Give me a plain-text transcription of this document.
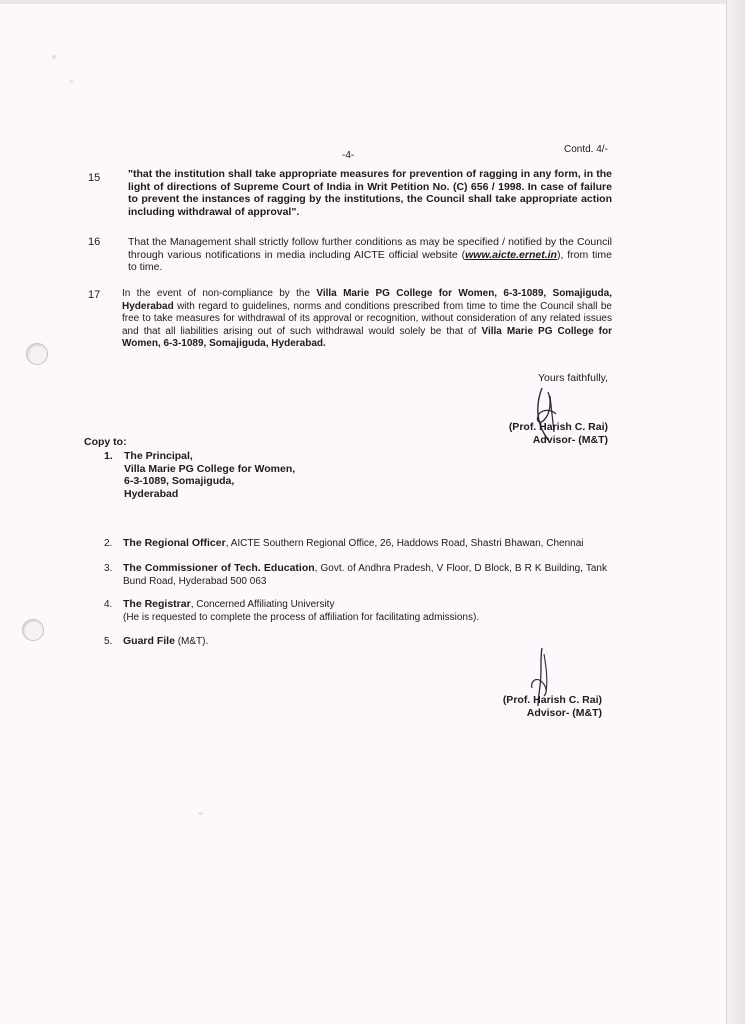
-4-
Contd. 4/-
15	"that the institution shall take appropriate measures for prevention of ragging in any form, in the light of directions of Supreme Court of India in Writ Petition No. (C) 656 / 1998. In case of failure to prevent the instances of ragging by the institutions, the Council shall take appropriate action including withdrawal of approval".
16	That the Management shall strictly follow further conditions as may be specified / notified by the Council through various notifications in media including AICTE official website (www.aicte.ernet.in), from time to time.
17 In the event of non-compliance by the Villa Marie PG College for Women, 6-3-1089, Somajiguda, Hyderabad with regard to guidelines, norms and conditions prescribed from time to time the Council shall be free to take measures for withdrawal of its approval or recognition, without consideration of any related issues and that all liabilities arising out of such withdrawal would solely be that of Villa Marie PG College for Women, 6-3-1089, Somajiguda, Hyderabad.
Yours faithfully,
(Prof. Harish C. Rai)
Advisor- (M&T)
Copy to:
1. The Principal,
Villa Marie PG College for Women,
6-3-1089, Somajiguda,
Hyderabad
2. The Regional Officer, AICTE Southern Regional Office, 26, Haddows Road, Shastri Bhawan, Chennai
3. The Commissioner of Tech. Education, Govt. of Andhra Pradesh, V Floor, D Block, B R K Building, Tank Bund Road, Hyderabad 500 063
4. The Registrar, Concerned Affiliating University
(He is requested to complete the process of affiliation for facilitating admissions).
5. Guard File (M&T).
(Prof. Harish C. Rai)
Advisor- (M&T)
